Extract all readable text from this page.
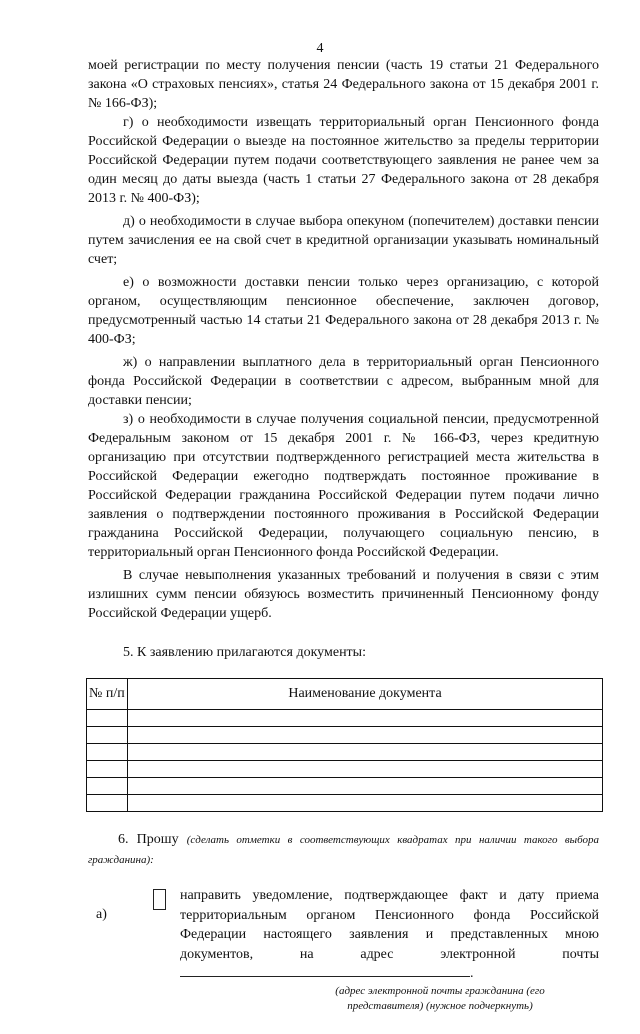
4

моей регистрации по месту получения пенсии (часть 19 статьи 21 Федерального закона «О страховых пенсиях», статья 24 Федерального закона от 15 декабря 2001 г. № 166-ФЗ);

г) о необходимости извещать территориальный орган Пенсионного фонда Российской Федерации о выезде на постоянное жительство за пределы территории Российской Федерации путем подачи соответствующего заявления не ранее чем за один месяц до даты выезда (часть 1 статьи 27 Федерального закона от 28 декабря 2013 г. № 400-ФЗ);

д) о необходимости в случае выбора опекуном (попечителем) доставки пенсии путем зачисления ее на свой счет в кредитной организации указывать номинальный счет;

е) о возможности доставки пенсии только через организацию, с которой органом, осуществляющим пенсионное обеспечение, заключен договор, предусмотренный частью 14 статьи 21 Федерального закона от 28 декабря 2013 г. № 400-ФЗ;

ж) о направлении выплатного дела в территориальный орган Пенсионного фонда Российской Федерации в соответствии с адресом, выбранным мной для доставки пенсии;

з) о необходимости в случае получения социальной пенсии, предусмотренной Федеральным законом от 15 декабря 2001 г. № 166-ФЗ, через кредитную организацию при отсутствии подтвержденного регистрацией места жительства в Российской Федерации ежегодно подтверждать постоянное проживание в Российской Федерации гражданина Российской Федерации путем подачи лично заявления о подтверждении постоянного проживания в Российской Федерации гражданина Российской Федерации, получающего социальную пенсию, в территориальный орган Пенсионного фонда Российской Федерации.

В случае невыполнения указанных требований и получения в связи с этим излишних сумм пенсии обязуюсь возместить причиненный Пенсионному фонду Российской Федерации ущерб.

5. К заявлению прилагаются документы:
№ п/п	Наименование документа

6. Прошу (сделать отметки в соответствующих квадратах при наличии такого выбора гражданина):
а)
направить уведомление, подтверждающее факт и дату приема территориальным органом Пенсионного фонда Российской Федерации настоящего заявления и представленных мною документов, на адрес электронной почты .
(адрес электронной почты гражданина (его представителя) (нужное подчеркнуть)
